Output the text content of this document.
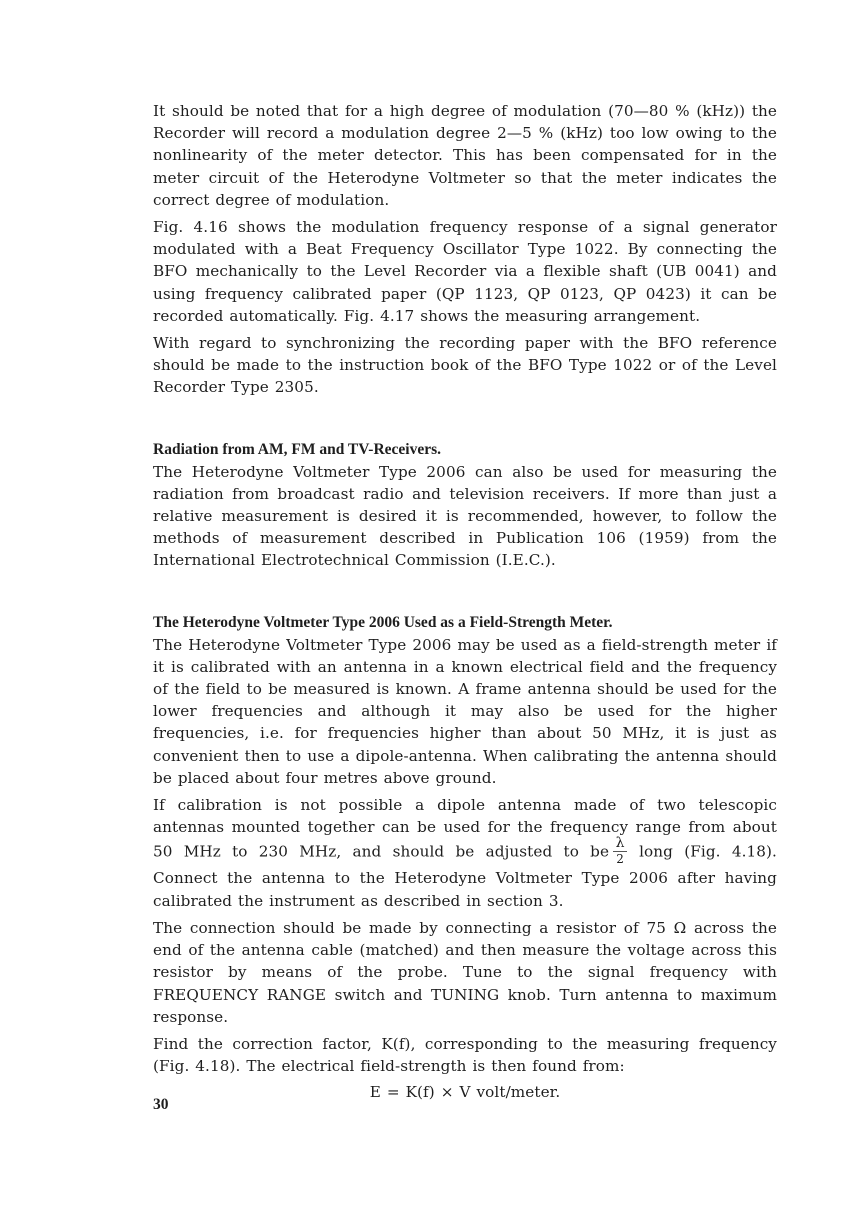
It should be noted that for a high degree of modulation (70—80 % (kHz)) the Recorder will record a modulation degree 2—5 % (kHz) too low owing to the nonlinearity of the meter detector. This has been compensated for in the meter circuit of the Heterodyne Voltmeter so that the meter indicates the correct degree of modulation.

Fig. 4.16 shows the modulation frequency response of a signal generator modulated with a Beat Frequency Oscillator Type 1022. By connecting the BFO mechanically to the Level Recorder via a flexible shaft (UB 0041) and using frequency calibrated paper (QP 1123, QP 0123, QP 0423) it can be recorded automatically. Fig. 4.17 shows the measuring arrangement.

With regard to synchronizing the recording paper with the BFO reference should be made to the instruction book of the BFO Type 1022 or of the Level Recorder Type 2305.

Radiation from AM, FM and TV-Receivers.

The Heterodyne Voltmeter Type 2006 can also be used for measuring the radiation from broadcast radio and television receivers. If more than just a relative measurement is desired it is recommended, however, to follow the methods of measurement described in Publication 106 (1959) from the International Electrotechnical Commission (I.E.C.).

The Heterodyne Voltmeter Type 2006 Used as a Field-Strength Meter.

The Heterodyne Voltmeter Type 2006 may be used as a field-strength meter if it is calibrated with an antenna in a known electrical field and the frequency of the field to be measured is known. A frame antenna should be used for the lower frequencies and although it may also be used for the higher frequencies, i.e. for frequencies higher than about 50 MHz, it is just as convenient then to use a dipole-antenna. When calibrating the antenna should be placed about four metres above ground.

If calibration is not possible a dipole antenna made of two telescopic antennas mounted together can be used for the frequency range from about 50 MHz to 230 MHz, and should be adjusted to be $\frac{\lambda}{2}$ long (Fig. 4.18). Connect the antenna to the Heterodyne Voltmeter Type 2006 after having calibrated the instrument as described in section 3.

The connection should be made by connecting a resistor of 75 Ω across the end of the antenna cable (matched) and then measure the voltage across this resistor by means of the probe. Tune to the signal frequency with FREQUENCY RANGE switch and TUNING knob. Turn antenna to maximum response.

Find the correction factor, K(f), corresponding to the measuring frequency (Fig. 4.18). The electrical field-strength is then found from:

E = K(f) × V volt/meter.

30
